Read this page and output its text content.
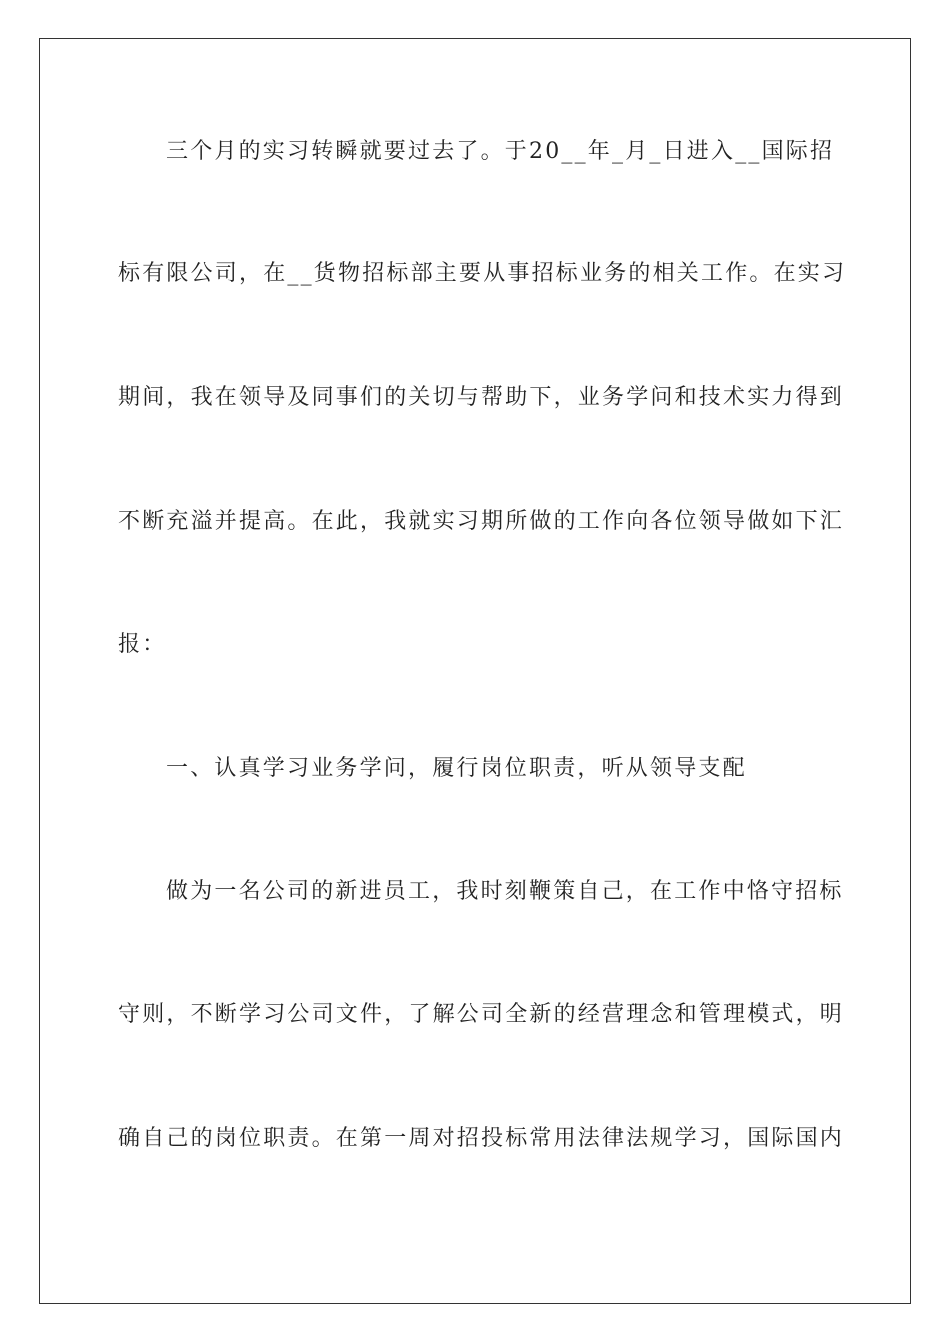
三个月的实习转瞬就要过去了。于20__年_月_日进入__国际招
标有限公司，在__货物招标部主要从事招标业务的相关工作。在实习
期间，我在领导及同事们的关切与帮助下，业务学问和技术实力得到
不断充溢并提高。在此，我就实习期所做的工作向各位领导做如下汇
报：
一、认真学习业务学问，履行岗位职责，听从领导支配
做为一名公司的新进员工，我时刻鞭策自己，在工作中恪守招标
守则，不断学习公司文件，了解公司全新的经营理念和管理模式，明
确自己的岗位职责。在第一周对招投标常用法律法规学习，国际国内
